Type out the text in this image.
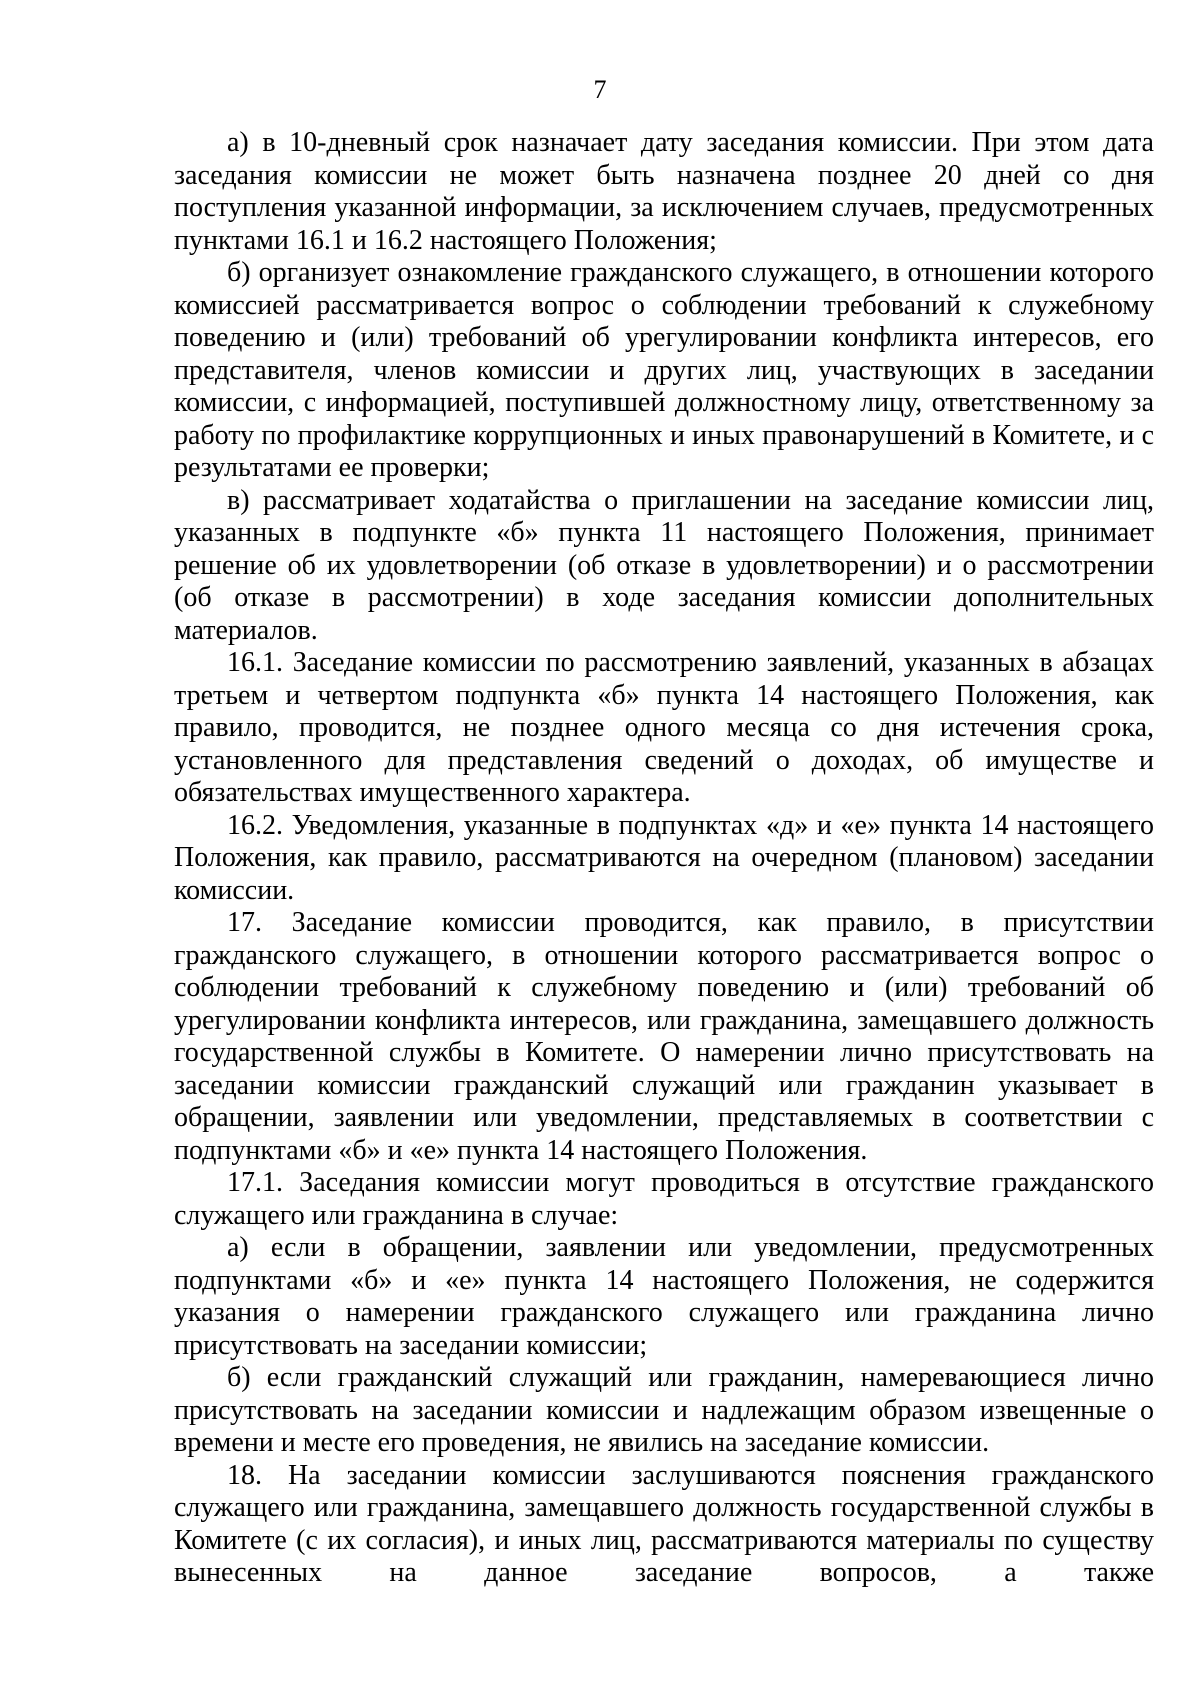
7

а) в 10-дневный срок назначает дату заседания комиссии. При этом дата заседания комиссии не может быть назначена позднее 20 дней со дня поступления указанной информации, за исключением случаев, предусмотренных пунктами 16.1 и 16.2 настоящего Положения;

б) организует ознакомление гражданского служащего, в отношении которого комиссией рассматривается вопрос о соблюдении требований к служебному поведению и (или) требований об урегулировании конфликта интересов, его представителя, членов комиссии и других лиц, участвующих в заседании комиссии, с информацией, поступившей должностному лицу, ответственному за работу по профилактике коррупционных и иных правонарушений в Комитете, и с результатами ее проверки;

в) рассматривает ходатайства о приглашении на заседание комиссии лиц, указанных в подпункте «б» пункта 11 настоящего Положения, принимает решение об их удовлетворении (об отказе в удовлетворении) и о рассмотрении (об отказе в рассмотрении) в ходе заседания комиссии дополнительных материалов.

16.1. Заседание комиссии по рассмотрению заявлений, указанных в абзацах третьем и четвертом подпункта «б» пункта 14 настоящего Положения, как правило, проводится, не позднее одного месяца со дня истечения срока, установленного для представления сведений о доходах, об имуществе и обязательствах имущественного характера.

16.2. Уведомления, указанные в подпунктах «д» и «е» пункта 14 настоящего Положения, как правило, рассматриваются на очередном (плановом) заседании комиссии.

17. Заседание комиссии проводится, как правило, в присутствии гражданского служащего, в отношении которого рассматривается вопрос о соблюдении требований к служебному поведению и (или) требований об урегулировании конфликта интересов, или гражданина, замещавшего должность государственной службы в Комитете. О намерении лично присутствовать на заседании комиссии гражданский служащий или гражданин указывает в обращении, заявлении или уведомлении, представляемых в соответствии с подпунктами «б» и «е» пункта 14 настоящего Положения.

17.1. Заседания комиссии могут проводиться в отсутствие гражданского служащего или гражданина в случае:

а) если в обращении, заявлении или уведомлении, предусмотренных подпунктами «б» и «е» пункта 14 настоящего Положения, не содержится указания о намерении гражданского служащего или гражданина лично присутствовать на заседании комиссии;

б) если гражданский служащий или гражданин, намеревающиеся лично присутствовать на заседании комиссии и надлежащим образом извещенные о времени и месте его проведения, не явились на заседание комиссии.

18. На заседании комиссии заслушиваются пояснения гражданского служащего или гражданина, замещавшего должность государственной службы в Комитете (с их согласия), и иных лиц, рассматриваются материалы по существу вынесенных на данное заседание вопросов, а также
